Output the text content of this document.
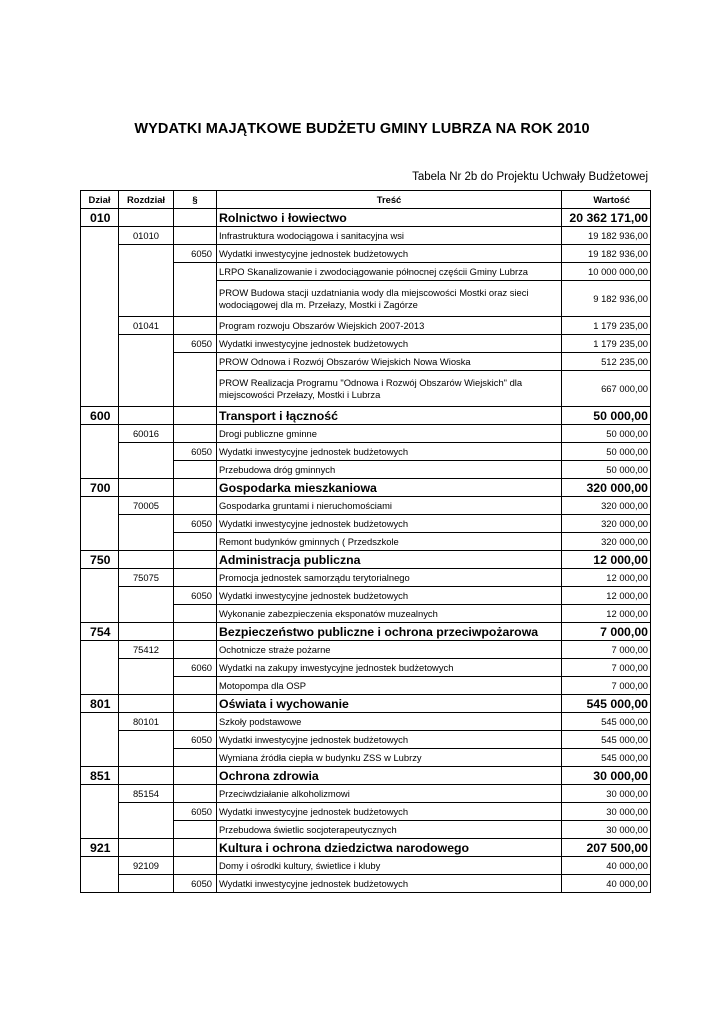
WYDATKI MAJĄTKOWE BUDŻETU GMINY LUBRZA NA ROK 2010
Tabela Nr 2b do Projektu Uchwały Budżetowej
Dział	Rozdział	§	Treść	Wartość
010			Rolnictwo i łowiectwo	20 362 171,00
	01010		Infrastruktura wodociągowa i sanitacyjna wsi	19 182 936,00
		6050	Wydatki inwestycyjne jednostek budżetowych	19 182 936,00
			LRPO Skanalizowanie i zwodociągowanie północnej częścii Gminy Lubrza	10 000 000,00
			PROW Budowa stacji uzdatniania wody dla miejscowości Mostki oraz sieci wodociągowej dla m. Przełazy, Mostki i Zagórze	9 182 936,00
	01041		Program rozwoju Obszarów Wiejskich 2007-2013	1 179 235,00
		6050	Wydatki inwestycyjne jednostek budżetowych	1 179 235,00
			PROW Odnowa i Rozwój Obszarów Wiejskich Nowa Wioska	512 235,00
			PROW Realizacja Programu "Odnowa i Rozwój Obszarów Wiejskich" dla miejscowości Przełazy, Mostki i Lubrza	667 000,00
600			Transport i łączność	50 000,00
	60016		Drogi publiczne gminne	50 000,00
		6050	Wydatki inwestycyjne jednostek budżetowych	50 000,00
			Przebudowa dróg gminnych	50 000,00
700			Gospodarka mieszkaniowa	320 000,00
	70005		Gospodarka gruntami i nieruchomościami	320 000,00
		6050	Wydatki inwestycyjne jednostek budżetowych	320 000,00
			Remont budynków gminnych ( Przedszkole	320 000,00
750			Administracja publiczna	12 000,00
	75075		Promocja jednostek samorządu terytorialnego	12 000,00
		6050	Wydatki inwestycyjne jednostek budżetowych	12 000,00
			Wykonanie zabezpieczenia eksponatów muzealnych	12 000,00
754			Bezpieczeństwo publiczne i ochrona przeciwpożarowa	7 000,00
	75412		Ochotnicze straże pożarne	7 000,00
		6060	Wydatki na zakupy inwestycyjne jednostek budżetowych	7 000,00
			Motopompa dla OSP	7 000,00
801			Oświata i wychowanie	545 000,00
	80101		Szkoły podstawowe	545 000,00
		6050	Wydatki inwestycyjne jednostek budżetowych	545 000,00
			Wymiana źródła ciepła w budynku ZSS w Lubrzy	545 000,00
851			Ochrona zdrowia	30 000,00
	85154		Przeciwdziałanie alkoholizmowi	30 000,00
		6050	Wydatki inwestycyjne jednostek budżetowych	30 000,00
			Przebudowa świetlic socjoterapeutycznych	30 000,00
921			Kultura i ochrona dziedzictwa narodowego	207 500,00
	92109		Domy i ośrodki kultury, świetlice i kluby	40 000,00
		6050	Wydatki inwestycyjne jednostek budżetowych	40 000,00
